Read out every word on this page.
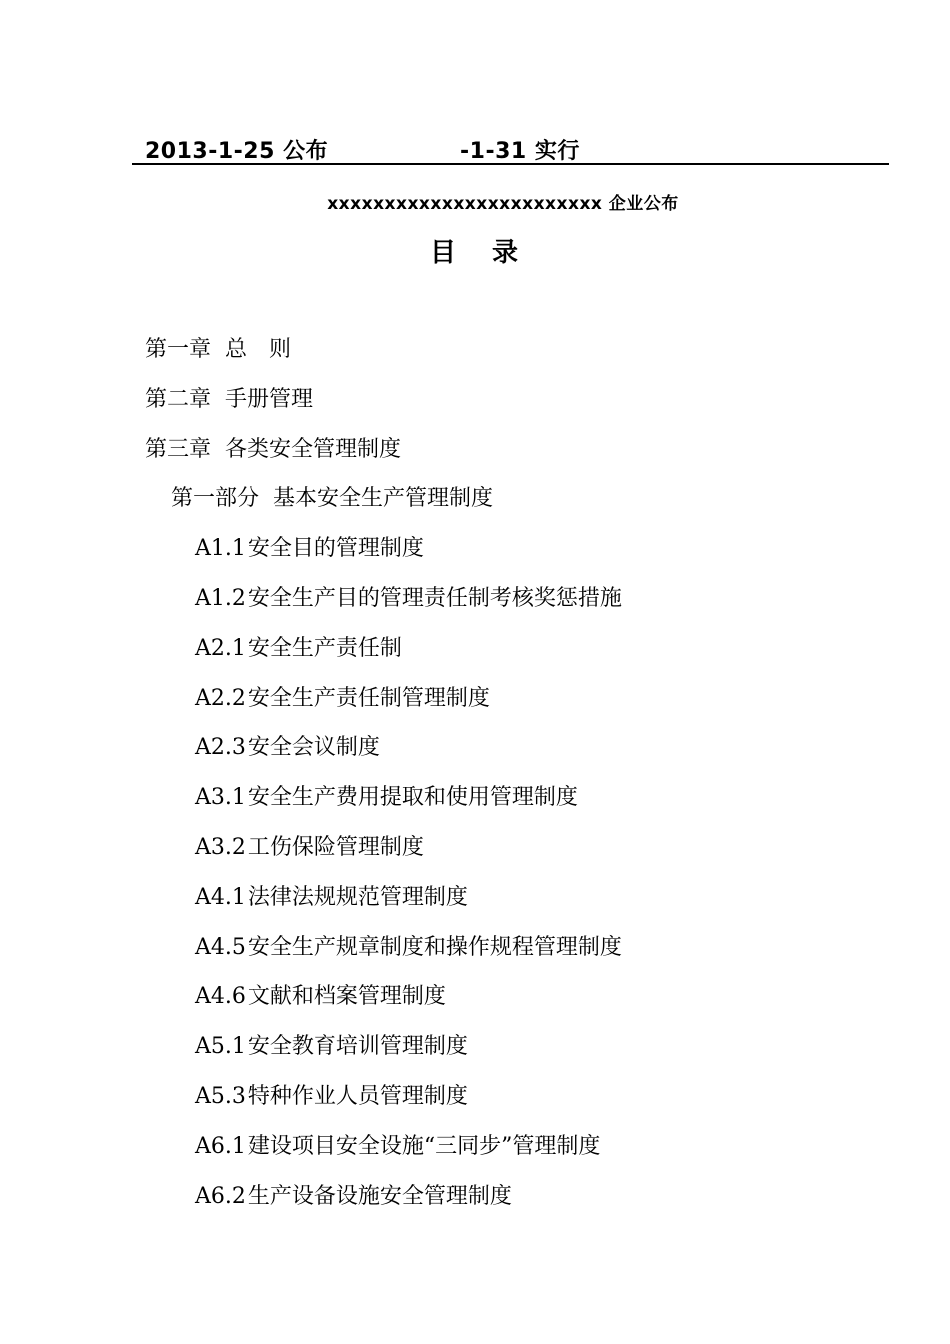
2013-1-25 公布	-1-31 实行
xxxxxxxxxxxxxxxxxxxxxxxx 企业公布
目 录
第一章 总　则
第二章 手册管理
第三章 各类安全管理制度
第一部分 基本安全生产管理制度
A1.1安全目的管理制度
A1.2安全生产目的管理责任制考核奖惩措施
A2.1安全生产责任制
A2.2安全生产责任制管理制度
A2.3安全会议制度
A3.1安全生产费用提取和使用管理制度
A3.2工伤保险管理制度
A4.1法律法规规范管理制度
A4.5安全生产规章制度和操作规程管理制度
A4.6文献和档案管理制度
A5.1安全教育培训管理制度
A5.3特种作业人员管理制度
A6.1建设项目安全设施“三同步”管理制度
A6.2生产设备设施安全管理制度
